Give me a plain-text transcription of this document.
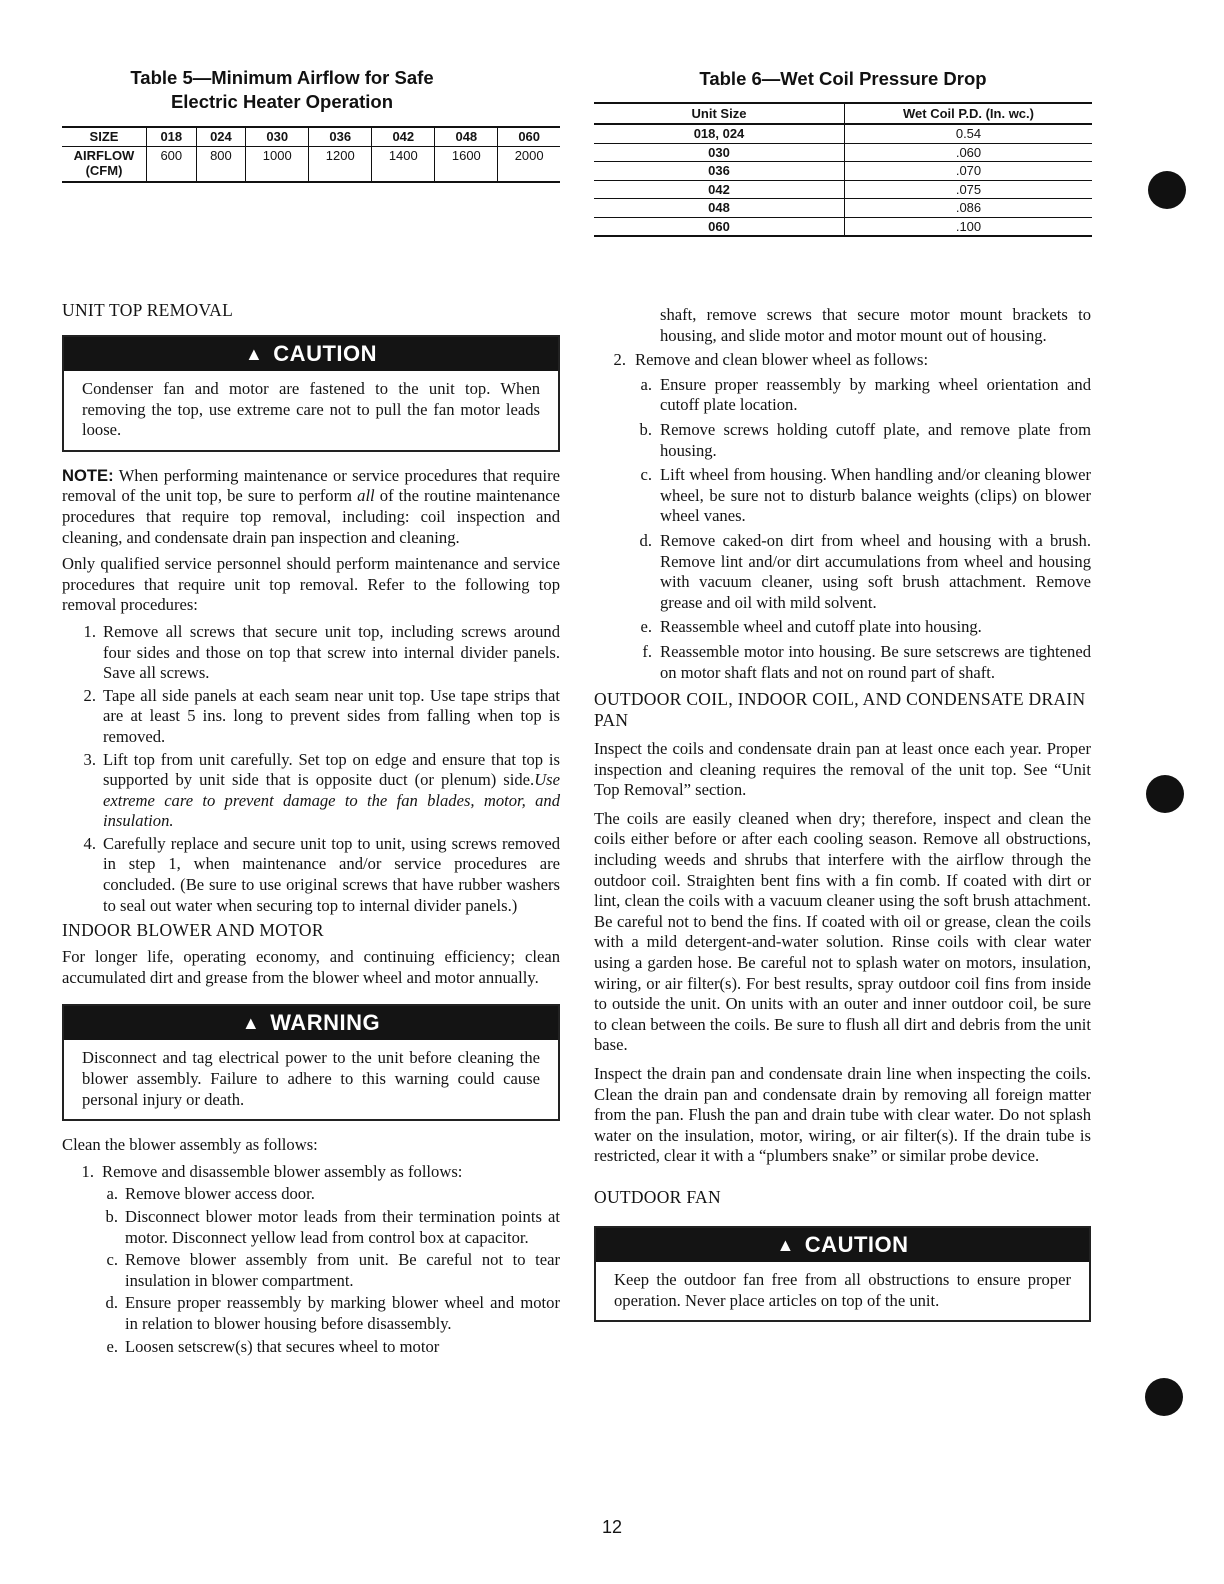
Table 5—Minimum Airflow for Safe
Electric Heater Operation
SIZE	018	024	030	036	042	048	060

AIRFLOW
(CFM)	600	800	1000	1200	1400	1600	2000
Table 6—Wet Coil Pressure Drop
Unit Size	Wet Coil P.D. (In. wc.)
018, 024	0.54
030	.060
036	.070
042	.075
048	.086
060	.100
UNIT TOP REMOVAL
▲ CAUTION

Condenser fan and motor are fastened to the unit top. When removing the top, use extreme care not to pull the fan motor leads loose.

NOTE: When performing maintenance or service procedures that require removal of the unit top, be sure to perform all of the routine maintenance procedures that require top removal, including: coil inspection and cleaning, and condensate drain pan inspection and cleaning.

Only qualified service personnel should perform maintenance and service procedures that require unit top removal. Refer to the following top removal procedures:

1. Remove all screws that secure unit top, including screws around four sides and those on top that screw into internal divider panels. Save all screws.
2. Tape all side panels at each seam near unit top. Use tape strips that are at least 5 ins. long to prevent sides from falling when top is removed.
3. Lift top from unit carefully. Set top on edge and ensure that top is supported by unit side that is opposite duct (or plenum) side.Use extreme care to prevent damage to the fan blades, motor, and insulation.
4. Carefully replace and secure unit top to unit, using screws removed in step 1, when maintenance and/or service procedures are concluded. (Be sure to use original screws that have rubber washers to seal out water when securing top to internal divider panels.)
INDOOR BLOWER AND MOTOR

For longer life, operating economy, and continuing efficiency; clean accumulated dirt and grease from the blower wheel and motor annually.

▲ WARNING

Disconnect and tag electrical power to the unit before cleaning the blower assembly. Failure to adhere to this warning could cause personal injury or death.

Clean the blower assembly as follows:

1. Remove and disassemble blower assembly as follows:
a. Remove blower access door.
b. Disconnect blower motor leads from their termination points at motor. Disconnect yellow lead from control box at capacitor.
c. Remove blower assembly from unit. Be careful not to tear insulation in blower compartment.
d. Ensure proper reassembly by marking blower wheel and motor in relation to blower housing before disassembly.
e. Loosen setscrew(s) that secures wheel to motor

shaft, remove screws that secure motor mount brackets to housing, and slide motor and motor mount out of housing.

2. Remove and clean blower wheel as follows:
a. Ensure proper reassembly by marking wheel orientation and cutoff plate location.
b. Remove screws holding cutoff plate, and remove plate from housing.
c. Lift wheel from housing. When handling and/or cleaning blower wheel, be sure not to disturb balance weights (clips) on blower wheel vanes.
d. Remove caked-on dirt from wheel and housing with a brush. Remove lint and/or dirt accumulations from wheel and housing with vacuum cleaner, using soft brush attachment. Remove grease and oil with mild solvent.
e. Reassemble wheel and cutoff plate into housing.
f. Reassemble motor into housing. Be sure setscrews are tightened on motor shaft flats and not on round part of shaft.
OUTDOOR COIL, INDOOR COIL, AND CONDENSATE DRAIN PAN

Inspect the coils and condensate drain pan at least once each year. Proper inspection and cleaning requires the removal of the unit top. See “Unit Top Removal” section.

The coils are easily cleaned when dry; therefore, inspect and clean the coils either before or after each cooling season. Remove all obstructions, including weeds and shrubs that interfere with the airflow through the outdoor coil. Straighten bent fins with a fin comb. If coated with dirt or lint, clean the coils with a vacuum cleaner using the soft brush attachment. Be careful not to bend the fins. If coated with oil or grease, clean the coils with a mild detergent-and-water solution. Rinse coils with clear water using a garden hose. Be careful not to splash water on motors, insulation, wiring, or air filter(s). For best results, spray outdoor coil fins from inside to outside the unit. On units with an outer and inner outdoor coil, be sure to clean between the coils. Be sure to flush all dirt and debris from the unit base.

Inspect the drain pan and condensate drain line when inspecting the coils. Clean the drain pan and condensate drain by removing all foreign matter from the pan. Flush the pan and drain tube with clear water. Do not splash water on the insulation, motor, wiring, or air filter(s). If the drain tube is restricted, clear it with a “plumbers snake” or similar probe device.

OUTDOOR FAN
▲ CAUTION

Keep the outdoor fan free from all obstructions to ensure proper operation. Never place articles on top of the unit.

12
